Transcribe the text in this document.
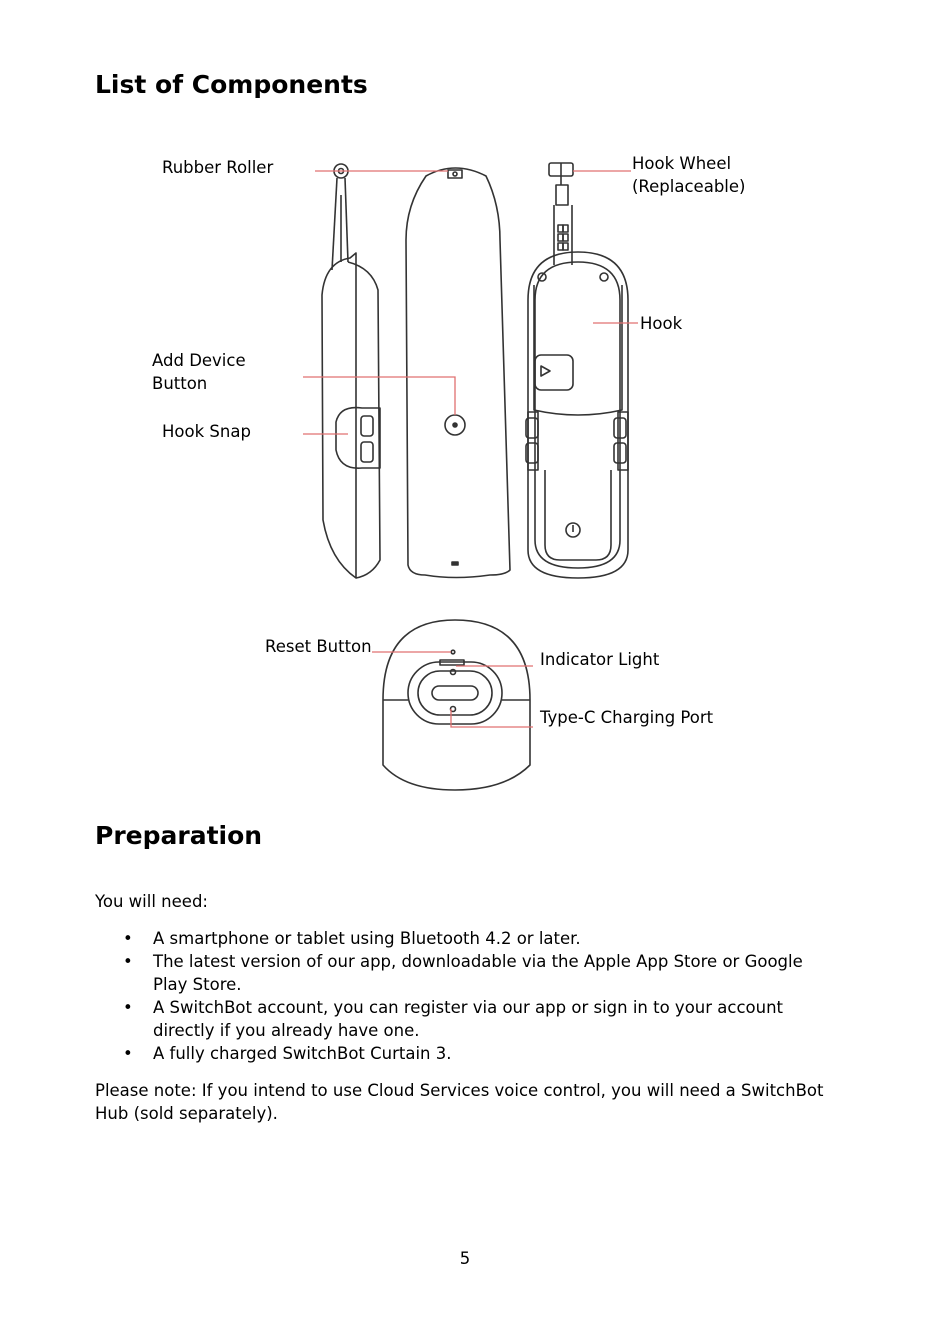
List of Components
Rubber Roller	Hook Wheel
(Replaceable)
Hook
Add Device
Button
Hook Snap
Reset Button
Indicator Light
Type-C Charging Port
Preparation

You will need:

• A smartphone or tablet using Bluetooth 4.2 or later.
• The latest version of our app, downloadable via the Apple App Store or Google Play Store.
• A SwitchBot account, you can register via our app or sign in to your account directly if you already have one.
• A fully charged SwitchBot Curtain 3.

Please note: If you intend to use Cloud Services voice control, you will need a SwitchBot Hub (sold separately).

5
